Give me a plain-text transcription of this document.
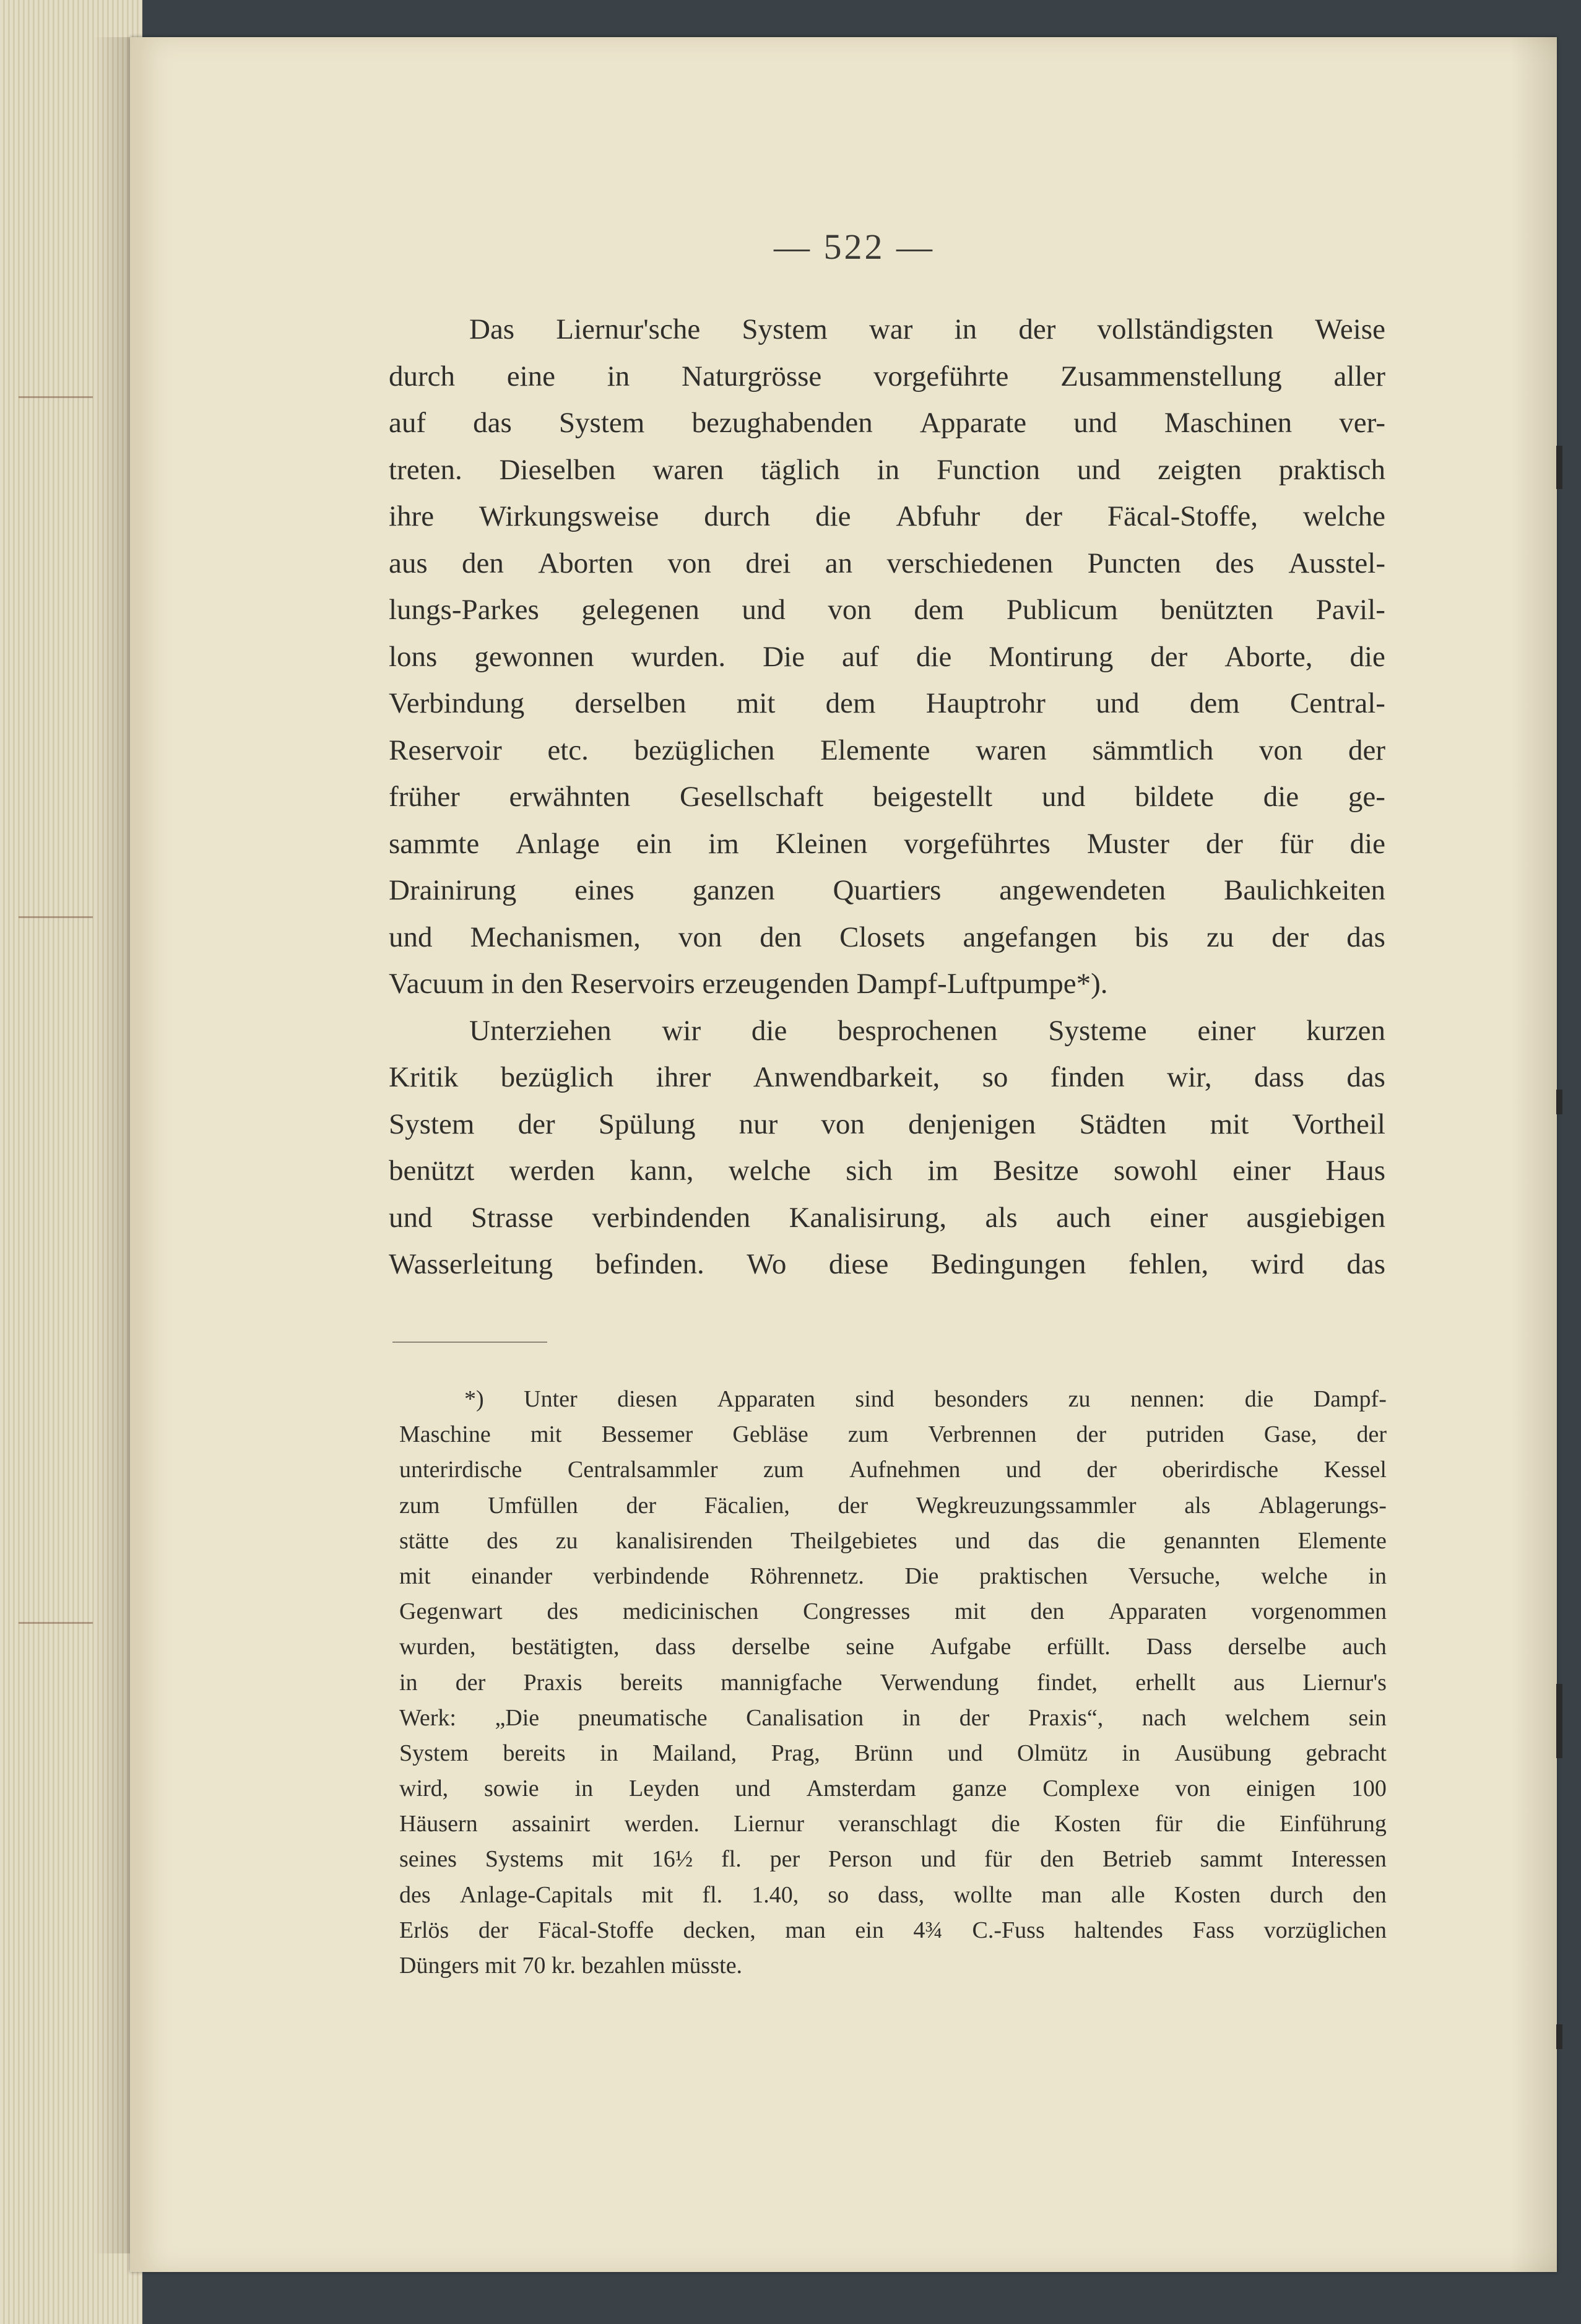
— 522 —
Das Liernur'sche System war in der vollständigsten Weise
durch eine in Naturgrösse vorgeführte Zusammenstellung aller
auf das System bezughabenden Apparate und Maschinen ver-
treten. Dieselben waren täglich in Function und zeigten praktisch
ihre Wirkungsweise durch die Abfuhr der Fäcal-Stoffe, welche
aus den Aborten von drei an verschiedenen Puncten des Ausstel-
lungs-Parkes gelegenen und von dem Publicum benützten Pavil-
lons gewonnen wurden. Die auf die Montirung der Aborte, die
Verbindung derselben mit dem Hauptrohr und dem Central-
Reservoir etc. bezüglichen Elemente waren sämmtlich von der
früher erwähnten Gesellschaft beigestellt und bildete die ge-
sammte Anlage ein im Kleinen vorgeführtes Muster der für die
Drainirung eines ganzen Quartiers angewendeten Baulichkeiten
und Mechanismen, von den Closets angefangen bis zu der das
Vacuum in den Reservoirs erzeugenden Dampf-Luftpumpe*).
Unterziehen wir die besprochenen Systeme einer kurzen
Kritik bezüglich ihrer Anwendbarkeit, so finden wir, dass das
System der Spülung nur von denjenigen Städten mit Vortheil
benützt werden kann, welche sich im Besitze sowohl einer Haus
und Strasse verbindenden Kanalisirung, als auch einer ausgiebigen
Wasserleitung befinden. Wo diese Bedingungen fehlen, wird das
*) Unter diesen Apparaten sind besonders zu nennen: die Dampf-
Maschine mit Bessemer Gebläse zum Verbrennen der putriden Gase, der
unterirdische Centralsammler zum Aufnehmen und der oberirdische Kessel
zum Umfüllen der Fäcalien, der Wegkreuzungssammler als Ablagerungs-
stätte des zu kanalisirenden Theilgebietes und das die genannten Elemente
mit einander verbindende Röhrennetz. Die praktischen Versuche, welche in
Gegenwart des medicinischen Congresses mit den Apparaten vorgenommen
wurden, bestätigten, dass derselbe seine Aufgabe erfüllt. Dass derselbe auch
in der Praxis bereits mannigfache Verwendung findet, erhellt aus Liernur's
Werk: „Die pneumatische Canalisation in der Praxis“, nach welchem sein
System bereits in Mailand, Prag, Brünn und Olmütz in Ausübung gebracht
wird, sowie in Leyden und Amsterdam ganze Complexe von einigen 100
Häusern assainirt werden. Liernur veranschlagt die Kosten für die Einführung
seines Systems mit 16½ fl. per Person und für den Betrieb sammt Interessen
des Anlage-Capitals mit fl. 1.40, so dass, wollte man alle Kosten durch den
Erlös der Fäcal-Stoffe decken, man ein 4¾ C.-Fuss haltendes Fass vorzüglichen
Düngers mit 70 kr. bezahlen müsste.
